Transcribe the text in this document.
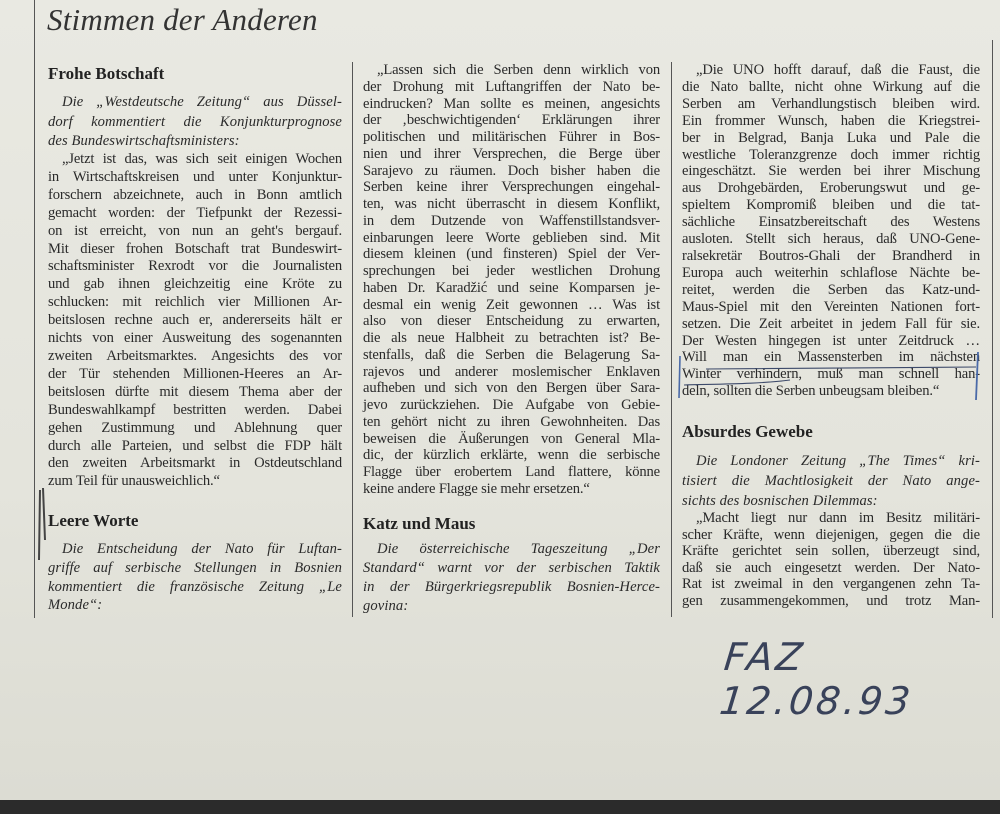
Stimmen der Anderen
Frohe Botschaft
Die „Westdeutsche Zeitung“ aus Düssel-
dorf kommentiert die Konjunkturprognose
des Bundeswirtschaftsministers:
„Jetzt ist das, was sich seit einigen Wochen
in Wirtschaftskreisen und unter Konjunktur-
forschern abzeichnete, auch in Bonn amtlich
gemacht worden: der Tiefpunkt der Rezessi-
on ist erreicht, von nun an geht's bergauf.
Mit dieser frohen Botschaft trat Bundeswirt-
schaftsminister Rexrodt vor die Journalisten
und gab ihnen gleichzeitig eine Kröte zu
schlucken: mit reichlich vier Millionen Ar-
beitslosen rechne auch er, andererseits hält er
nichts von einer Ausweitung des sogenannten
zweiten Arbeitsmarktes. Angesichts des vor
der Tür stehenden Millionen-Heeres an Ar-
beitslosen dürfte mit diesem Thema aber der
Bundeswahlkampf bestritten werden. Dabei
gehen Zustimmung und Ablehnung quer
durch alle Parteien, und selbst die FDP hält
den zweiten Arbeitsmarkt in Ostdeutschland
zum Teil für unausweichlich.“
Leere Worte
Die Entscheidung der Nato für Luftan-
griffe auf serbische Stellungen in Bosnien
kommentiert die französische Zeitung „Le
Monde“:
„Lassen sich die Serben denn wirklich von
der Drohung mit Luftangriffen der Nato be-
eindrucken? Man sollte es meinen, angesichts
der ‚beschwichtigenden‘ Erklärungen ihrer
politischen und militärischen Führer in Bos-
nien und ihrer Versprechen, die Berge über
Sarajevo zu räumen. Doch bisher haben die
Serben keine ihrer Versprechungen eingehal-
ten, was nicht überrascht in diesem Konflikt,
in dem Dutzende von Waffenstillstandsver-
einbarungen leere Worte geblieben sind. Mit
diesem kleinen (und finsteren) Spiel der Ver-
sprechungen bei jeder westlichen Drohung
haben Dr. Karadžić und seine Komparsen je-
desmal ein wenig Zeit gewonnen … Was ist
also von dieser Entscheidung zu erwarten,
die als neue Halbheit zu betrachten ist? Be-
stenfalls, daß die Serben die Belagerung Sa-
rajevos und anderer moslemischer Enklaven
aufheben und sich von den Bergen über Sara-
jevo zurückziehen. Die Aufgabe von Gebie-
ten gehört nicht zu ihren Gewohnheiten. Das
beweisen die Äußerungen von General Mla-
dic, der kürzlich erklärte, wenn die serbische
Flagge über erobertem Land flattere, könne
keine andere Flagge sie mehr ersetzen.“
Katz und Maus
Die österreichische Tageszeitung „Der
Standard“ warnt vor der serbischen Taktik
in der Bürgerkriegsrepublik Bosnien-Herce-
govina:
„Die UNO hofft darauf, daß die Faust, die
die Nato ballte, nicht ohne Wirkung auf die
Serben am Verhandlungstisch bleiben wird.
Ein frommer Wunsch, haben die Kriegstrei-
ber in Belgrad, Banja Luka und Pale die
westliche Toleranzgrenze doch immer richtig
eingeschätzt. Sie werden bei ihrer Mischung
aus Drohgebärden, Eroberungswut und ge-
spieltem Kompromiß bleiben und die tat-
sächliche Einsatzbereitschaft des Westens
ausloten. Stellt sich heraus, daß UNO-Gene-
ralsekretär Boutros-Ghali der Brandherd in
Europa auch weiterhin schlaflose Nächte be-
reitet, werden die Serben das Katz-und-
Maus-Spiel mit den Vereinten Nationen fort-
setzen. Die Zeit arbeitet in jedem Fall für sie.
Der Westen hingegen ist unter Zeitdruck …
Will man ein Massensterben im nächsten
Winter verhindern, muß man schnell han-
deln, sollten die Serben unbeugsam bleiben.“
Absurdes Gewebe
Die Londoner Zeitung „The Times“ kri-
tisiert die Machtlosigkeit der Nato ange-
sichts des bosnischen Dilemmas:
„Macht liegt nur dann im Besitz militäri-
scher Kräfte, wenn diejenigen, gegen die die
Kräfte gerichtet sein sollen, überzeugt sind,
daß sie auch eingesetzt werden. Der Nato-
Rat ist zweimal in den vergangenen zehn Ta-
gen zusammengekommen, und trotz Man-
FAZ 12.08.93
